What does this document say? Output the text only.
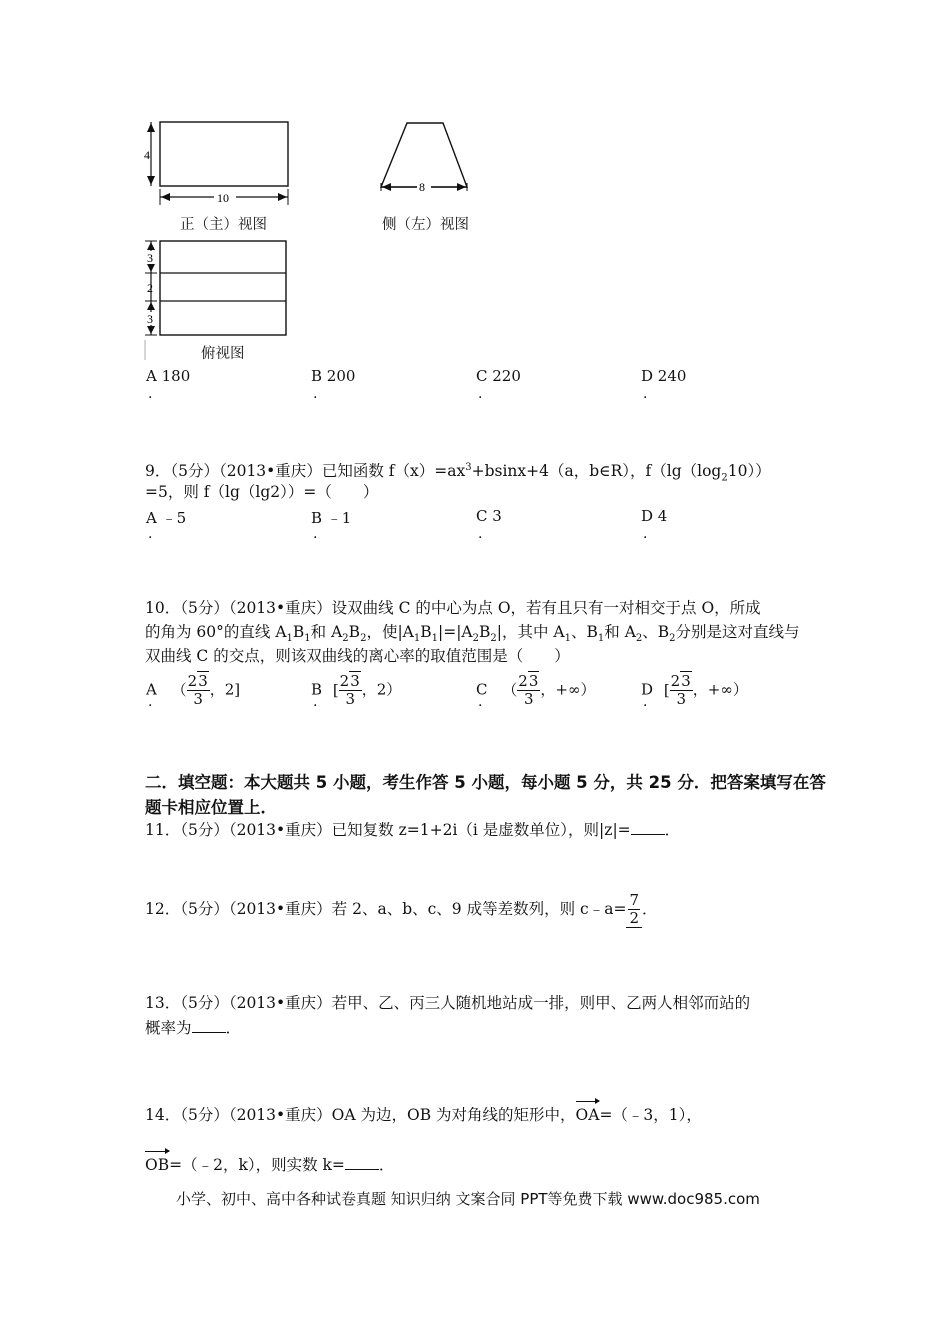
4
10
8
3
2
3
正（主）视图	侧（左）视图
俯视图
A 180	B 200	C 220	D 240
.	.	.	.
9．（5分）（2013•重庆）已知函数 $f(x)=ax^3+bsinx+4(a$，b∈R），$f(\lg(\log_210))$
=5，则 f（lg（lg2））=（　　）
A ﹣5	B ﹣1	C 3	D 4
.	.	.	.
10．（5分）（2013•重庆）设双曲线 C 的中心为点 O，若有且只有一对相交于点 O，所成
的角为 60°的直线 $A_1B_1$和 $A_2B_2$，使$|A_1B_1|=|A_2B_2|$，其中 $A_1$、$B_1$和 $A_2$、$B_2$分别是这对直线与
双曲线 C 的交点，则该双曲线的离心率的取值范围是（　　）
A （ $\frac{23}{3}$ ，2]	B [ $\frac{23}{3}$ ，2）	C （ $\frac{23}{3}$ ，+∞）	D [ $\frac{23}{3}$ ，+∞）
.	.	.	.
二．填空题：本大题共 5 小题，考生作答 5 小题，每小题 5 分，共 25 分．把答案填写在答
题卡相应位置上．
11．（5分）（2013•重庆）已知复数 z=1+2i（i 是虚数单位），则|z|= ．
12．（5分）（2013•重庆）若 2、a、b、c、9 成等差数列，则 c﹣a= $\frac{7}{2}$ ．
13．（5分）（2013•重庆）若甲、乙、丙三人随机地站成一排，则甲、乙两人相邻而站的
概率为 ．
14．（5分）（2013•重庆）OA 为边，OB 为对角线的矩形中，OA=（﹣3，1），
OB=（﹣2，k），则实数 k= ．
小学、初中、高中各种试卷真题 知识归纳 文案合同 PPT等免费下载 www.doc985.com
